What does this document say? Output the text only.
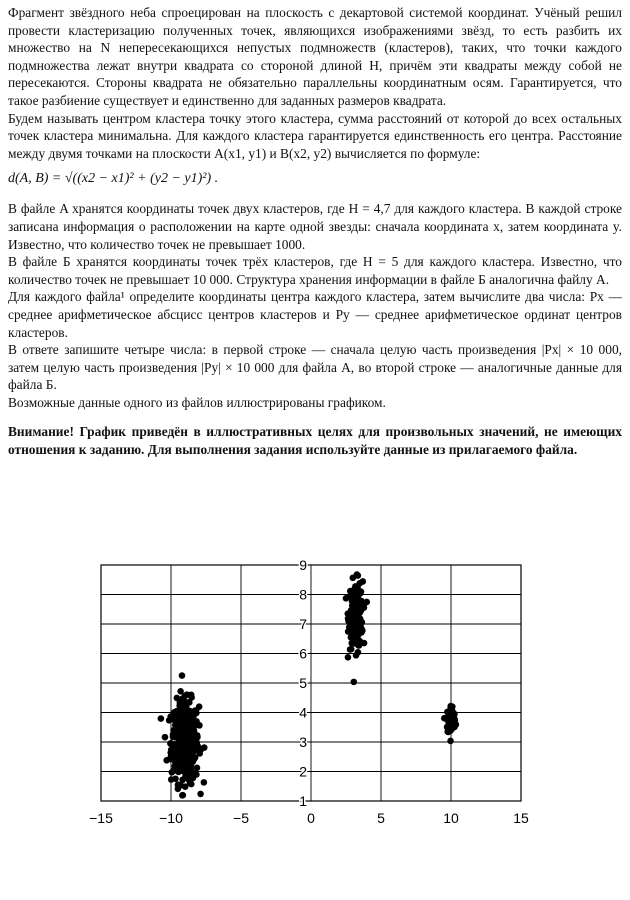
Фрагмент звёздного неба спроецирован на плоскость с декартовой системой координат. Учёный решил провести кластеризацию полученных точек, являющихся изображениями звёзд, то есть разбить их множество на N непересекающихся непустых подмножеств (кластеров), таких, что точки каждого подмножества лежат внутри квадрата со стороной длиной H, причём эти квадраты между собой не пересекаются. Стороны квадрата не обязательно параллельны координатным осям. Гарантируется, что такое разбиение существует и единственно для заданных размеров квадрата.

Будем называть центром кластера точку этого кластера, сумма расстояний от которой до всех остальных точек кластера минимальна. Для каждого кластера гарантируется единственность его центра. Расстояние между двумя точками на плоскости A(x1, y1) и B(x2, y2) вычисляется по формуле:

d(A, B) = √((x2 − x1)² + (y2 − y1)²) .

В файле A хранятся координаты точек двух кластеров, где H = 4,7 для каждого кластера. В каждой строке записана информация о расположении на карте одной звезды: сначала координата x, затем координата y. Известно, что количество точек не превышает 1000.

В файле Б хранятся координаты точек трёх кластеров, где H = 5 для каждого кластера. Известно, что количество точек не превышает 10 000. Структура хранения информации в файле Б аналогична файлу A.

Для каждого файла¹ определите координаты центра каждого кластера, затем вычислите два числа: Px — среднее арифметическое абсцисс центров кластеров и Py — среднее арифметическое ординат центров кластеров.

В ответе запишите четыре числа: в первой строке — сначала целую часть произведения |Px| × 10 000, затем целую часть произведения |Py| × 10 000 для файла A, во второй строке — аналогичные данные для файла Б.

Возможные данные одного из файлов иллюстрированы графиком.

Внимание! График приведён в иллюстративных целях для произвольных значений, не имеющих отношения к заданию. Для выполнения задания используйте данные из прилагаемого файла.

−15	−10	−5	0	5	10	15
1
2
3
4
5
6
7
8
9
